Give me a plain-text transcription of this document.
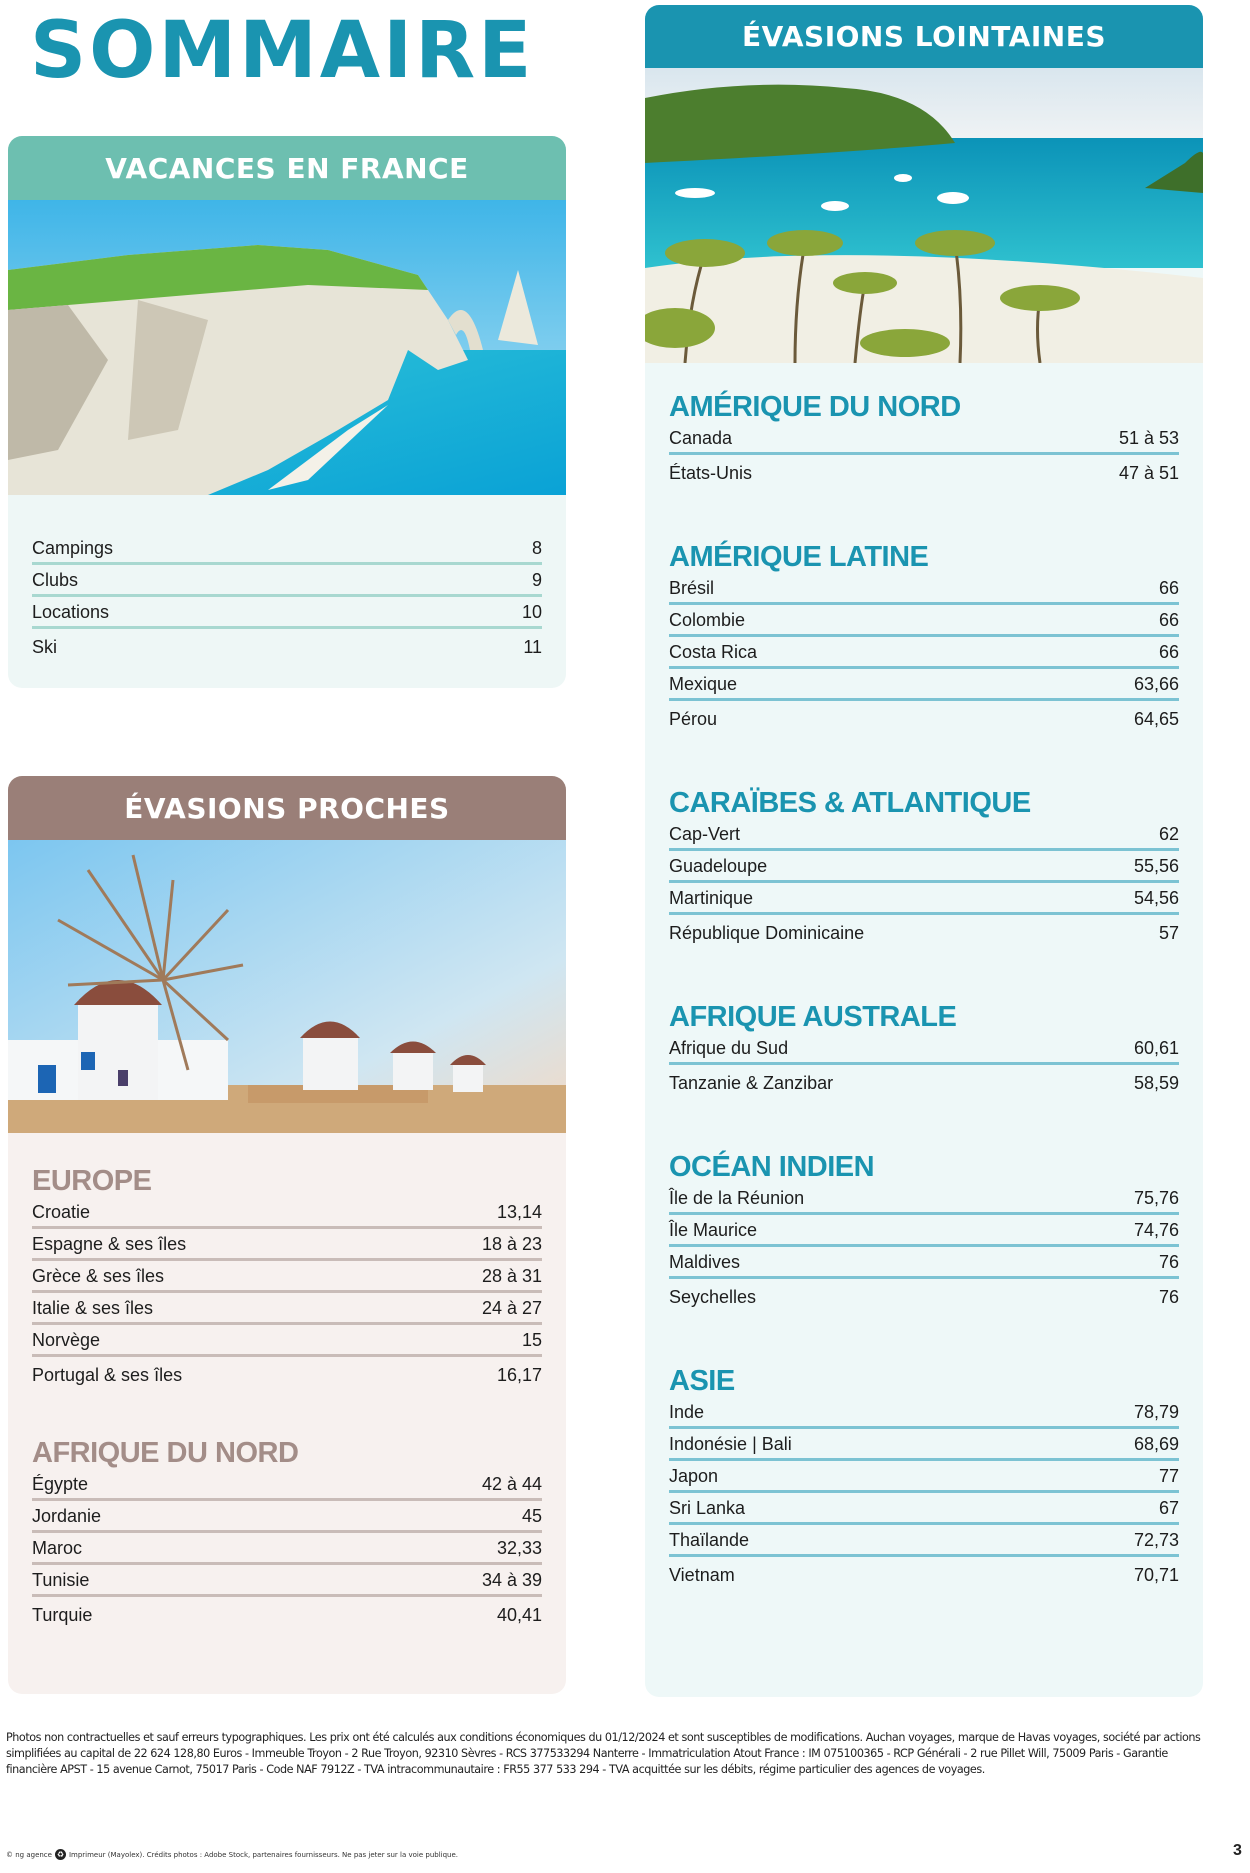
SOMMAIRE
VACANCES EN FRANCE
Campings	8
Clubs	9
Locations	10
Ski	11
ÉVASIONS PROCHES
EUROPE
Croatie	13,14
Espagne & ses îles	18 à 23
Grèce & ses îles	28 à 31
Italie & ses îles	24 à 27
Norvège	15
Portugal & ses îles	16,17
AFRIQUE DU NORD
Égypte	42 à 44
Jordanie	45
Maroc	32,33
Tunisie	34 à 39
Turquie	40,41
ÉVASIONS LOINTAINES
AMÉRIQUE DU NORD
Canada	51 à 53
États-Unis	47 à 51
AMÉRIQUE LATINE
Brésil	66
Colombie	66
Costa Rica	66
Mexique	63,66
Pérou	64,65
CARAÏBES & ATLANTIQUE
Cap-Vert	62
Guadeloupe	55,56
Martinique	54,56
République Dominicaine	57
AFRIQUE AUSTRALE
Afrique du Sud	60,61
Tanzanie & Zanzibar	58,59
OCÉAN INDIEN
Île de la Réunion	75,76
Île Maurice	74,76
Maldives	76
Seychelles	76
ASIE
Inde	78,79
Indonésie | Bali	68,69
Japon	77
Sri Lanka	67
Thaïlande	72,73
Vietnam	70,71
Photos non contractuelles et sauf erreurs typographiques. Les prix ont été calculés aux conditions économiques du 01/12/2024 et sont susceptibles de modifications. Auchan voyages, marque de Havas voyages, société par actions simplifiées au capital de 22 624 128,80 Euros - Immeuble Troyon - 2 Rue Troyon, 92310 Sèvres - RCS 377533294 Nanterre - Immatriculation Atout France : IM 075100365 - RCP Générali - 2 rue Pillet Will, 75009 Paris - Garantie financière APST - 15 avenue Carnot, 75017 Paris - Code NAF 7912Z - TVA intracommunautaire : FR55 377 533 294 - TVA acquittée sur les débits, régime particulier des agences de voyages.
© ng agence ♻ Imprimeur (Mayolex). Crédits photos : Adobe Stock, partenaires fournisseurs. Ne pas jeter sur la voie publique.	3
